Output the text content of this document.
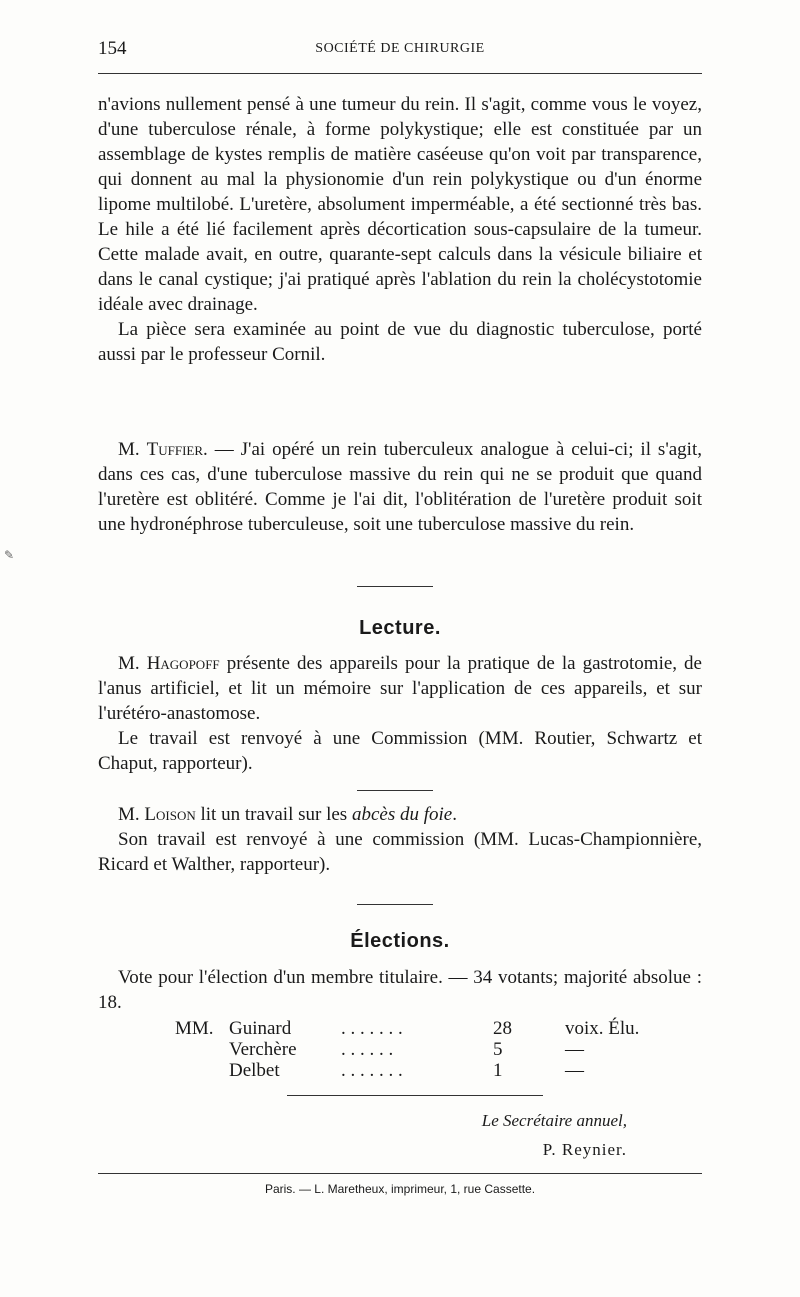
154	SOCIÉTÉ DE CHIRURGIE
✎

n'avions nullement pensé à une tumeur du rein. Il s'agit, comme vous le voyez, d'une tuberculose rénale, à forme polykystique; elle est constituée par un assemblage de kystes remplis de matière caséeuse qu'on voit par transparence, qui donnent au mal la physionomie d'un rein polykystique ou d'un énorme lipome multilobé. L'uretère, absolument imperméable, a été sectionné très bas. Le hile a été lié facilement après décortication sous-capsulaire de la tumeur. Cette malade avait, en outre, quarante-sept calculs dans la vésicule biliaire et dans le canal cystique; j'ai pratiqué après l'ablation du rein la cholécystotomie idéale avec drainage.

La pièce sera examinée au point de vue du diagnostic tuberculose, porté aussi par le professeur Cornil.

M. Tuffier. — J'ai opéré un rein tuberculeux analogue à celui-ci; il s'agit, dans ces cas, d'une tuberculose massive du rein qui ne se produit que quand l'uretère est oblitéré. Comme je l'ai dit, l'oblitération de l'uretère produit soit une hydronéphrose tuberculeuse, soit une tuberculose massive du rein.

Lecture.

M. Hagopoff présente des appareils pour la pratique de la gastrotomie, de l'anus artificiel, et lit un mémoire sur l'application de ces appareils, et sur l'urétéro-anastomose.

Le travail est renvoyé à une Commission (MM. Routier, Schwartz et Chaput, rapporteur).

M. Loison lit un travail sur les abcès du foie.

Son travail est renvoyé à une commission (MM. Lucas-Championnière, Ricard et Walther, rapporteur).

Élections.

Vote pour l'élection d'un membre titulaire. — 34 votants; majorité absolue : 18.

MM. Guinard	. . . . . . .	28	voix. Élu.
Verchère . . . . . .	5	—
Delbet	. . . . . . .	1	—
Le Secrétaire annuel,
P. Reynier.
Paris. — L. Maretheux, imprimeur, 1, rue Cassette.
